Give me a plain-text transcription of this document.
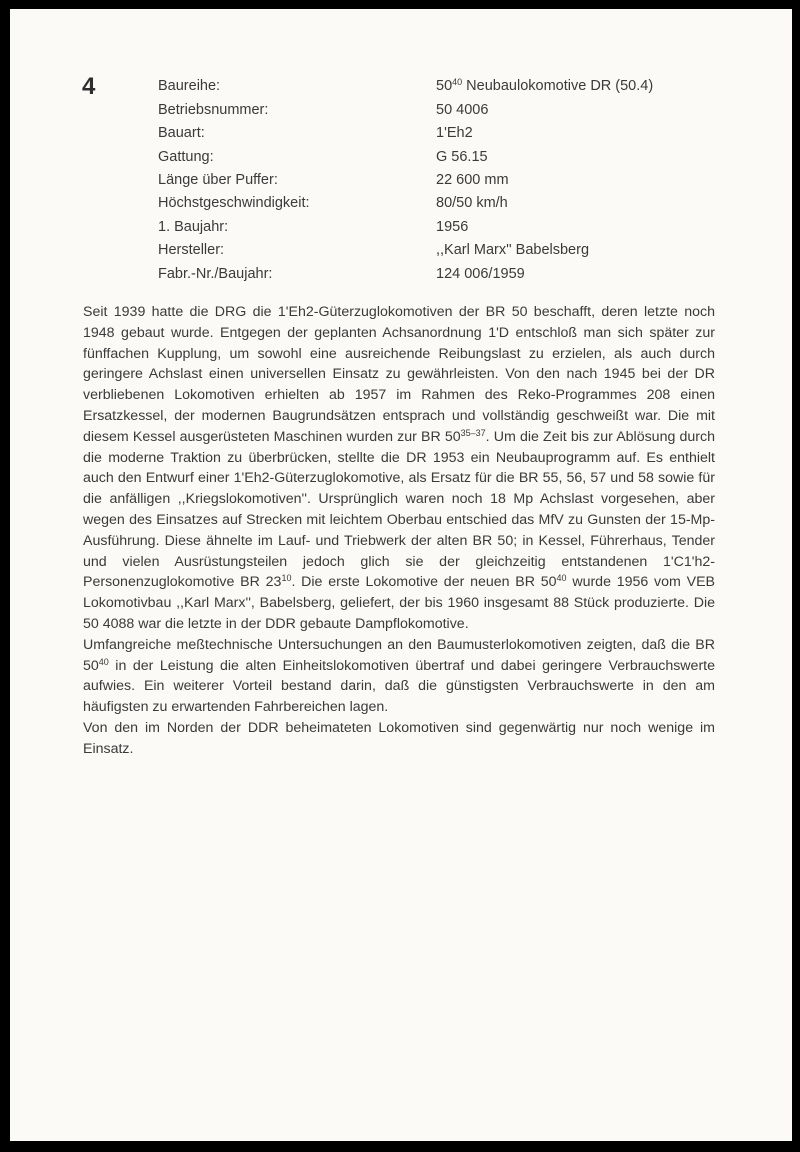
4	Baureihe:	$50^{40}$ Neubaulokomotive DR (50.4)
Betriebsnummer:	50 4006
Bauart:	1'Eh2
Gattung:	G 56.15
Länge über Puffer:	22 600 mm
Höchstgeschwindigkeit:	80/50 km/h
1. Baujahr:	1956
Hersteller:	,,Karl Marx'' Babelsberg
Fabr.-Nr./Baujahr:	124 006/1959

Seit 1939 hatte die DRG die 1'Eh2-Güterzuglokomotiven der BR 50 beschafft, deren letzte noch 1948 gebaut wurde. Entgegen der geplanten Achsanordnung 1'D entschloß man sich später zur fünffachen Kupplung, um sowohl eine ausreichende Reibungslast zu erzielen, als auch durch geringere Achslast einen universellen Einsatz zu gewährleisten. Von den nach 1945 bei der DR verbliebenen Lokomotiven erhielten ab 1957 im Rahmen des Reko-Programmes 208 einen Ersatzkessel, der modernen Baugrundsätzen entsprach und vollständig geschweißt war. Die mit diesem Kessel ausgerüsteten Maschinen wurden zur BR 50$^{35-37}$. Um die Zeit bis zur Ablösung durch die moderne Traktion zu überbrücken, stellte die DR 1953 ein Neubauprogramm auf. Es enthielt auch den Entwurf einer 1'Eh2-Güterzuglokomotive, als Ersatz für die BR 55, 56, 57 und 58 sowie für die anfälligen ,,Kriegslokomotiven''. Ursprünglich waren noch 18 Mp Achslast vorgesehen, aber wegen des Einsatzes auf Strecken mit leichtem Oberbau entschied das MfV zu Gunsten der 15-Mp-Ausführung. Diese ähnelte im Lauf- und Triebwerk der alten BR 50; in Kessel, Führerhaus, Tender und vielen Ausrüstungsteilen jedoch glich sie der gleichzeitig entstandenen 1'C1'h2-Personenzuglokomotive BR $23^{10}$. Die erste Lokomotive der neuen BR $50^{40}$ wurde 1956 vom VEB Lokomotivbau ,,Karl Marx'', Babelsberg, geliefert, der bis 1960 insgesamt 88 Stück produzierte. Die 50 4088 war die letzte in der DDR gebaute Dampflokomotive.

Umfangreiche meßtechnische Untersuchungen an den Baumusterlokomotiven zeigten, daß die BR $50^{40}$ in der Leistung die alten Einheitslokomotiven übertraf und dabei geringere Verbrauchswerte aufwies. Ein weiterer Vorteil bestand darin, daß die günstigsten Verbrauchswerte in den am häufigsten zu erwartenden Fahrbereichen lagen.

Von den im Norden der DDR beheimateten Lokomotiven sind gegenwärtig nur noch wenige im Einsatz.
